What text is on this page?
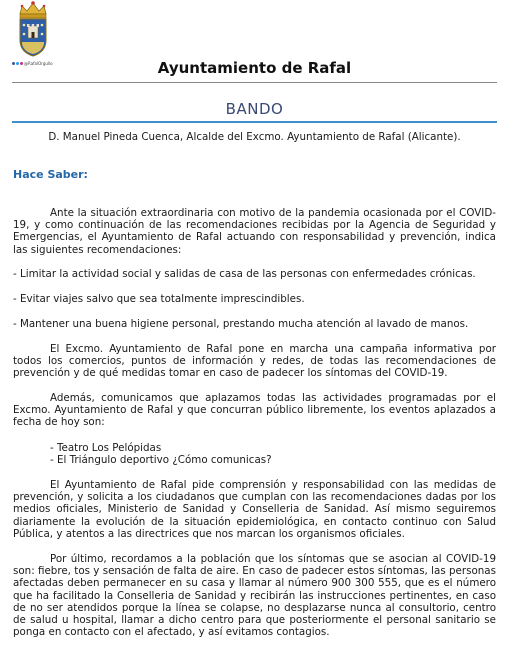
@RafalOrgullo	Ayuntamiento de Rafal
BANDO
D. Manuel Pineda Cuenca, Alcalde del Excmo. Ayuntamiento de Rafal (Alicante).
Hace Saber:
Ante la situación extraordinaria con motivo de la pandemia ocasionada por el COVID-19, y como continuación de las recomendaciones recibidas por la Agencia de Seguridad y Emergencias, el Ayuntamiento de Rafal actuando con responsabilidad y prevención, indica las siguientes recomendaciones:
- Limitar la actividad social y salidas de casa de las personas con enfermedades crónicas.
- Evitar viajes salvo que sea totalmente imprescindibles.
- Mantener una buena higiene personal, prestando mucha atención al lavado de manos.
El Excmo. Ayuntamiento de Rafal pone en marcha una campaña informativa por todos los comercios, puntos de información y redes, de todas las recomendaciones de prevención y de qué medidas tomar en caso de padecer los síntomas del COVID-19.
Además, comunicamos que aplazamos todas las actividades programadas por el Excmo. Ayuntamiento de Rafal y que concurran público libremente, los eventos aplazados a fecha de hoy son:
- Teatro Los Pelópidas
- El Triángulo deportivo ¿Cómo comunicas?
El Ayuntamiento de Rafal pide comprensión y responsabilidad con las medidas de prevención, y solicita a los ciudadanos que cumplan con las recomendaciones dadas por los medios oficiales, Ministerio de Sanidad y Conselleria de Sanidad. Así mismo seguiremos diariamente la evolución de la situación epidemiológica, en contacto continuo con Salud Pública, y atentos a las directrices que nos marcan los organismos oficiales.
Por último, recordamos a la población que los síntomas que se asocian al COVID-19 son: fiebre, tos y sensación de falta de aire. En caso de padecer estos síntomas, las personas afectadas deben permanecer en su casa y llamar al número 900 300 555, que es el número que ha facilitado la Conselleria de Sanidad y recibirán las instrucciones pertinentes, en caso de no ser atendidos porque la línea se colapse, no desplazarse nunca al consultorio, centro de salud u hospital, llamar a dicho centro para que posteriormente el personal sanitario se ponga en contacto con el afectado, y así evitamos contagios.
